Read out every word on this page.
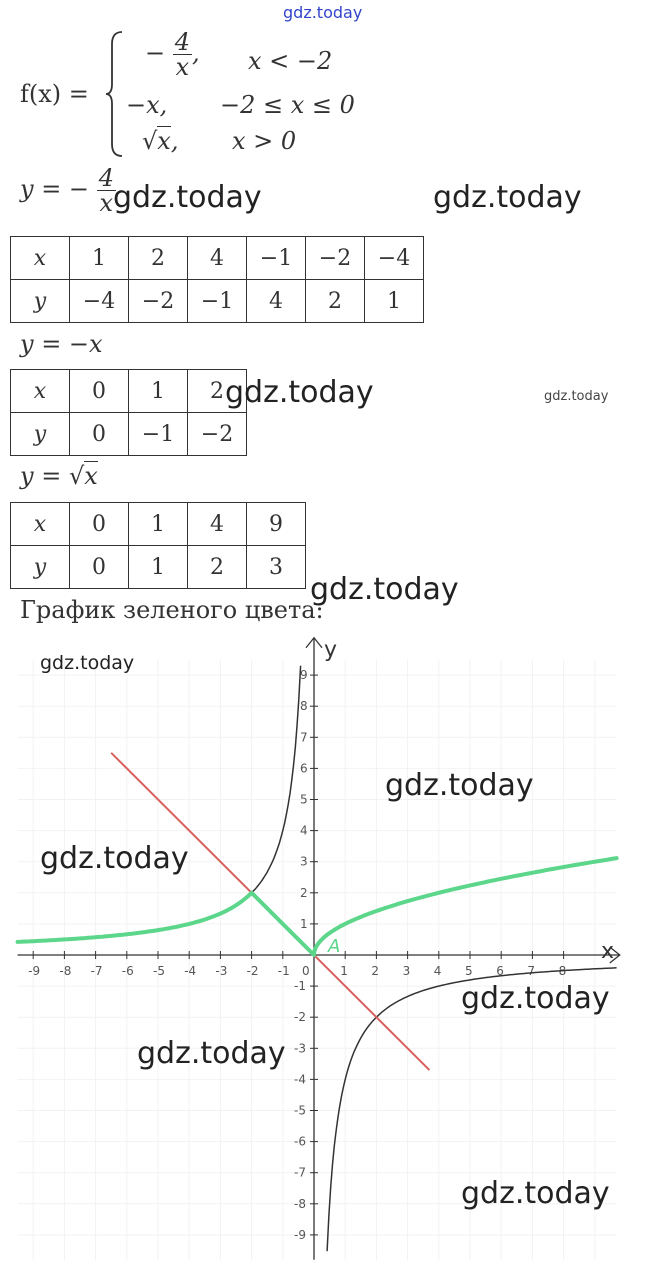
gdz.today
f(x) =
− $\frac{4}{x}$ , x < −2
−x, −2 ≤ x ≤ 0
√x, x > 0
y = − $\frac{4}{x}$
gdz.today	gdz.today
x	1	2	4	−1	−2	−4
y	−4	−2	−1	4	2	1
y = −x
x	0	1	2
y	0	−1	−2
gdz.today	gdz.today
y = √x
x	0	1	4	9
y	0	1	2	3
gdz.today
График зеленого цвета:
x
y
-9 -8 -7 -6 -5 -4 -3 -2 -1 0	1 2 3 4 5 6 7 8
9
8
7
6
5
4
3
2
1
-1
-2
-3
-4
-5
-6
-7
-8
-9
A
gdz.today
gdz.today
gdz.today
gdz.today
gdz.today
gdz.today
